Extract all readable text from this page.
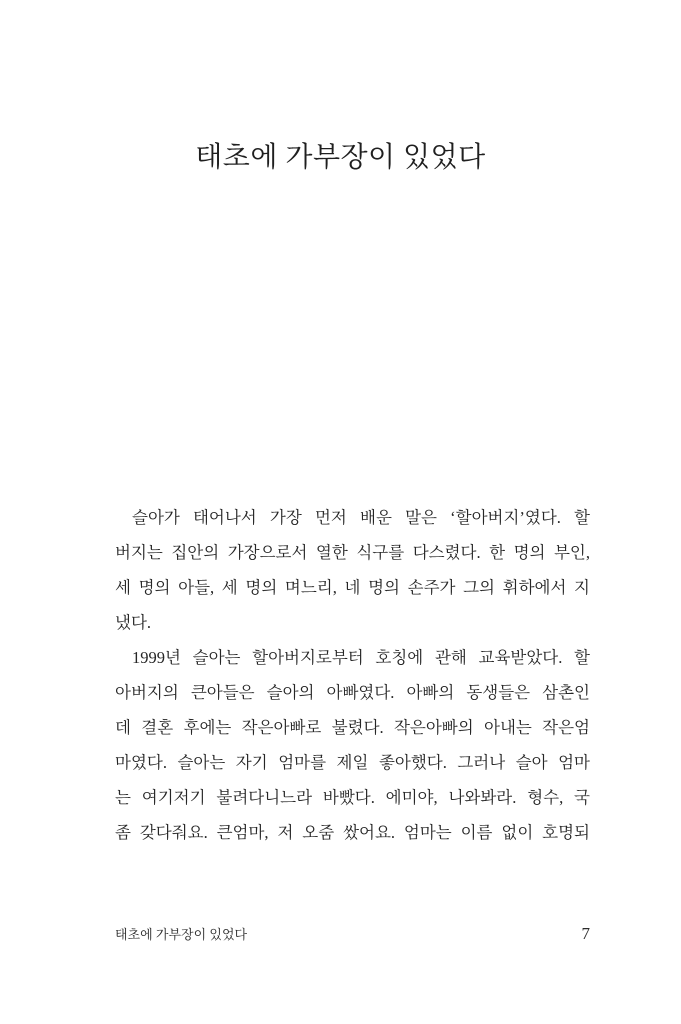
태초에 가부장이 있었다
슬아가 태어나서 가장 먼저 배운 말은 ‘할아버지’였다. 할
버지는 집안의 가장으로서 열한 식구를 다스렸다. 한 명의 부인,
세 명의 아들, 세 명의 며느리, 네 명의 손주가 그의 휘하에서 지
냈다.
1999년 슬아는 할아버지로부터 호칭에 관해 교육받았다. 할
아버지의 큰아들은 슬아의 아빠였다. 아빠의 동생들은 삼촌인
데 결혼 후에는 작은아빠로 불렸다. 작은아빠의 아내는 작은엄
마였다. 슬아는 자기 엄마를 제일 좋아했다. 그러나 슬아 엄마
는 여기저기 불려다니느라 바빴다. 에미야, 나와봐라. 형수, 국
좀 갖다줘요. 큰엄마, 저 오줌 쌌어요. 엄마는 이름 없이 호명되
태초에 가부장이 있었다	7
